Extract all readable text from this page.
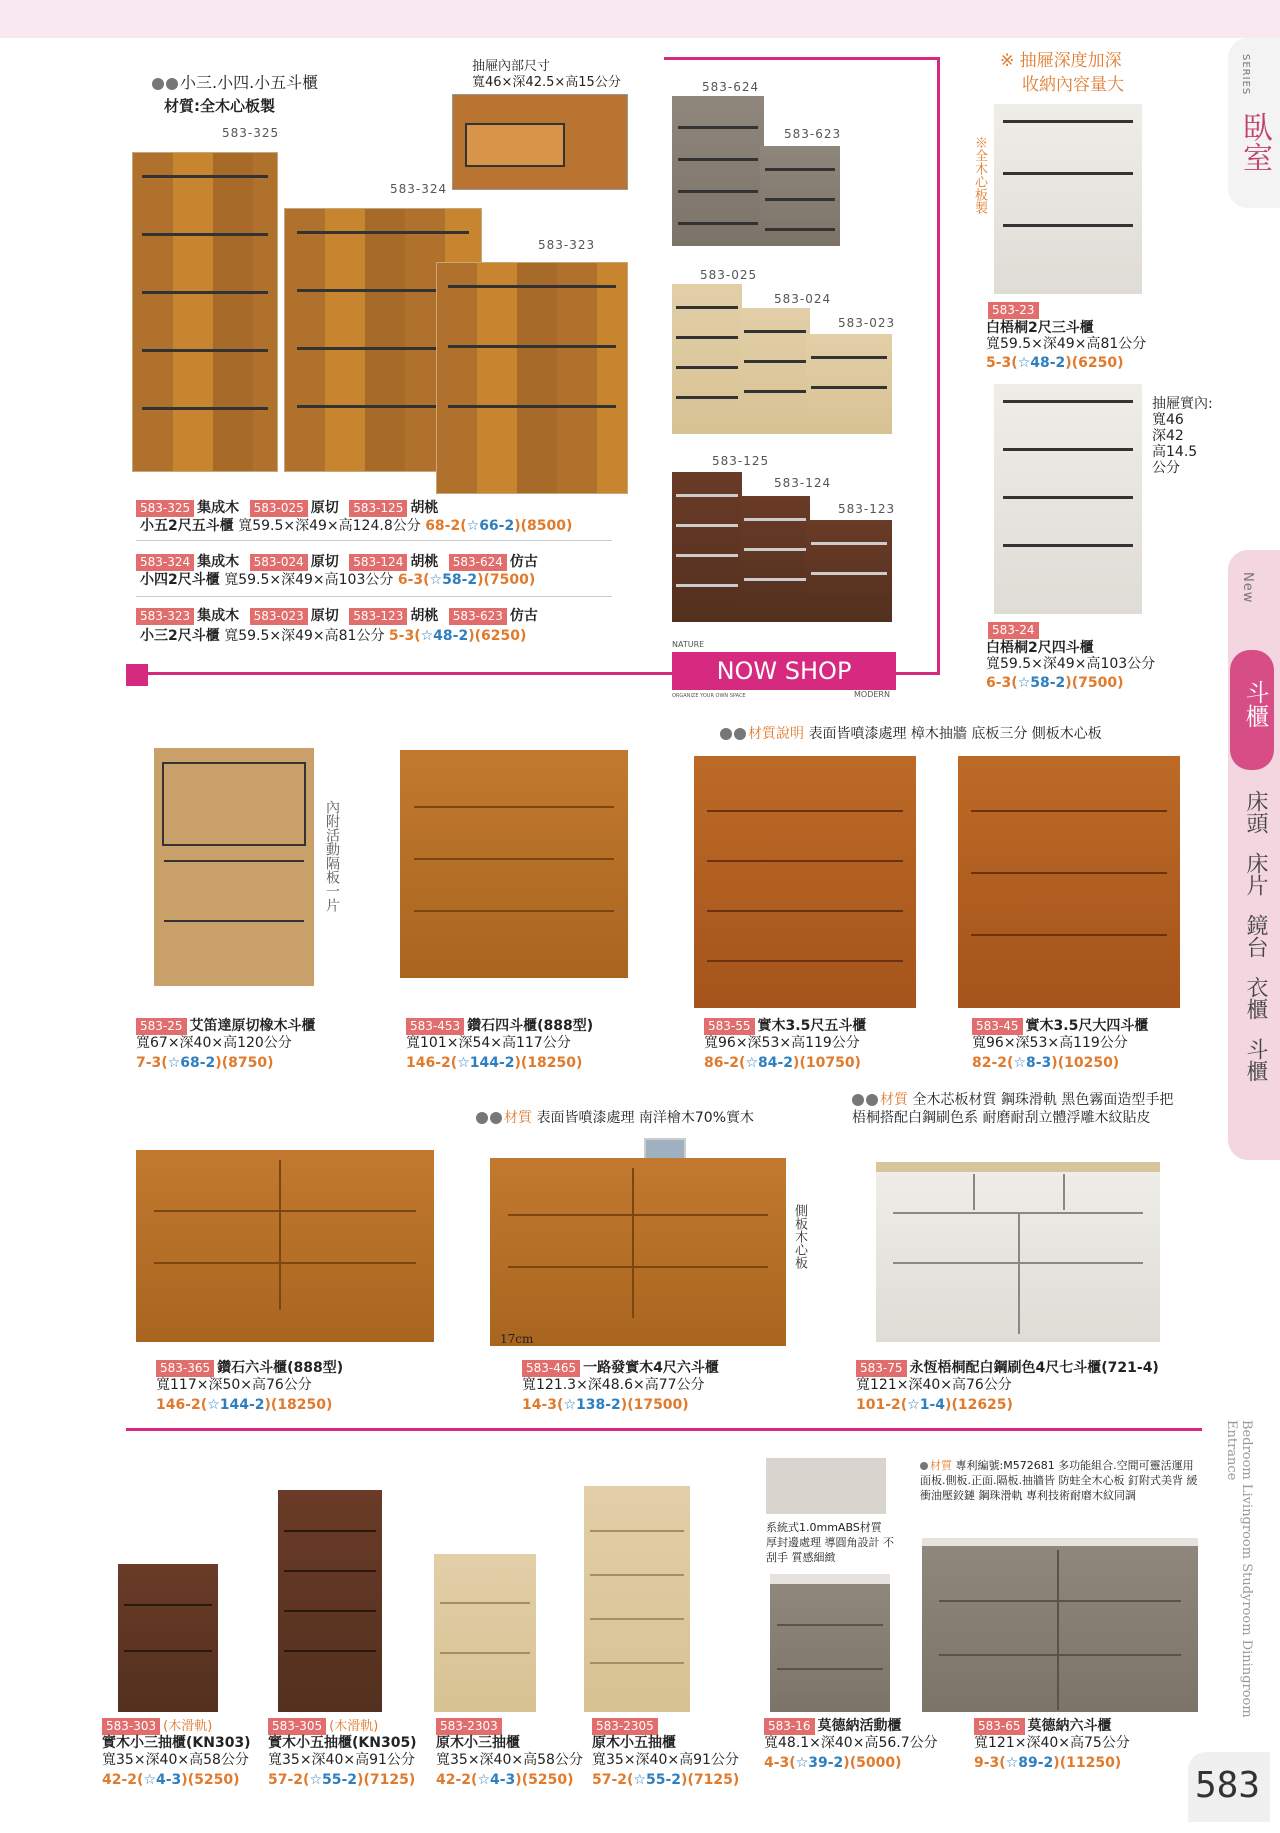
SERIES
臥室
New
斗櫃
床頭
床片
鏡台
衣櫃
斗櫃
Bedroom Livingroom Studyroom Diningroom Entrance
583
小三.小四.小五斗櫃
材質:全木心板製
抽屜內部尺寸
寬46×深42.5×高15公分
583-325
583-324
583-323
583-624
583-623
583-025
583-024
583-023
583-125
583-124
583-123
NATURE
NOW SHOP
ORGANIZE YOUR OWN SPACE	MODERN
583-325 集成木 583-025 原切 583-125 胡桃
小五2尺五斗櫃 寬59.5×深49×高124.8公分 68-2(☆66-2)(8500)
583-324 集成木 583-024 原切 583-124 胡桃 583-624 仿古
小四2尺斗櫃 寬59.5×深49×高103公分 6-3(☆58-2)(7500)
583-323 集成木 583-023 原切 583-123 胡桃 583-623 仿古
小三2尺斗櫃 寬59.5×深49×高81公分 5-3(☆48-2)(6250)
※ 抽屜深度加深
收納內容量大
※全木心板製
583-23
白梧桐2尺三斗櫃
寬59.5×深49×高81公分
5-3(☆48-2)(6250)
抽屜實內:
寬46
深42
高14.5
公分
583-24
白梧桐2尺四斗櫃
寬59.5×深49×高103公分
6-3(☆58-2)(7500)
材質說明 表面皆噴漆處理 樟木抽牆 底板三分 側板木心板
內附活動隔板一片
583-25 艾笛達原切橡木斗櫃
寬67×深40×高120公分
7-3(☆68-2)(8750)
583-453 鑽石四斗櫃(888型)
寬101×深54×高117公分
146-2(☆144-2)(18250)
583-55 實木3.5尺五斗櫃
寬96×深53×高119公分
86-2(☆84-2)(10750)
583-45 實木3.5尺大四斗櫃
寬96×深53×高119公分
82-2(☆8-3)(10250)
材質 表面皆噴漆處理 南洋檜木70%實木
材質 全木芯板材質 鋼珠滑軌 黑色霧面造型手把
梧桐搭配白鋼刷色系 耐磨耐刮立體浮雕木紋貼皮
側板木心板
17cm
583-365 鑽石六斗櫃(888型)
寬117×深50×高76公分
146-2(☆144-2)(18250)
583-465 一路發實木4尺六斗櫃
寬121.3×深48.6×高77公分
14-3(☆138-2)(17500)
583-75 永恆梧桐配白鋼刷色4尺七斗櫃(721-4)
寬121×深40×高76公分
101-2(☆1-4)(12625)
材質 專利編號:M572681 多功能組合.空間可靈活運用 面板.側板.正面.隔板.抽牆皆 防蛀全木心板 釘附式美背 緩衝油壓鉸鏈 鋼珠滑軌 專利技術耐磨木紋同調
系統式1.0mmABS材質 厚封邊處理 導圓角設計 不刮手 質感細緻
583-303 (木滑軌)
實木小三抽櫃(KN303)
寬35×深40×高58公分
42-2(☆4-3)(5250)
583-305 (木滑軌)
實木小五抽櫃(KN305)
寬35×深40×高91公分
57-2(☆55-2)(7125)
583-2303
原木小三抽櫃
寬35×深40×高58公分
42-2(☆4-3)(5250)
583-2305
原木小五抽櫃
寬35×深40×高91公分
57-2(☆55-2)(7125)
583-16 莫德納活動櫃
寬48.1×深40×高56.7公分
4-3(☆39-2)(5000)
583-65 莫德納六斗櫃
寬121×深40×高75公分
9-3(☆89-2)(11250)
